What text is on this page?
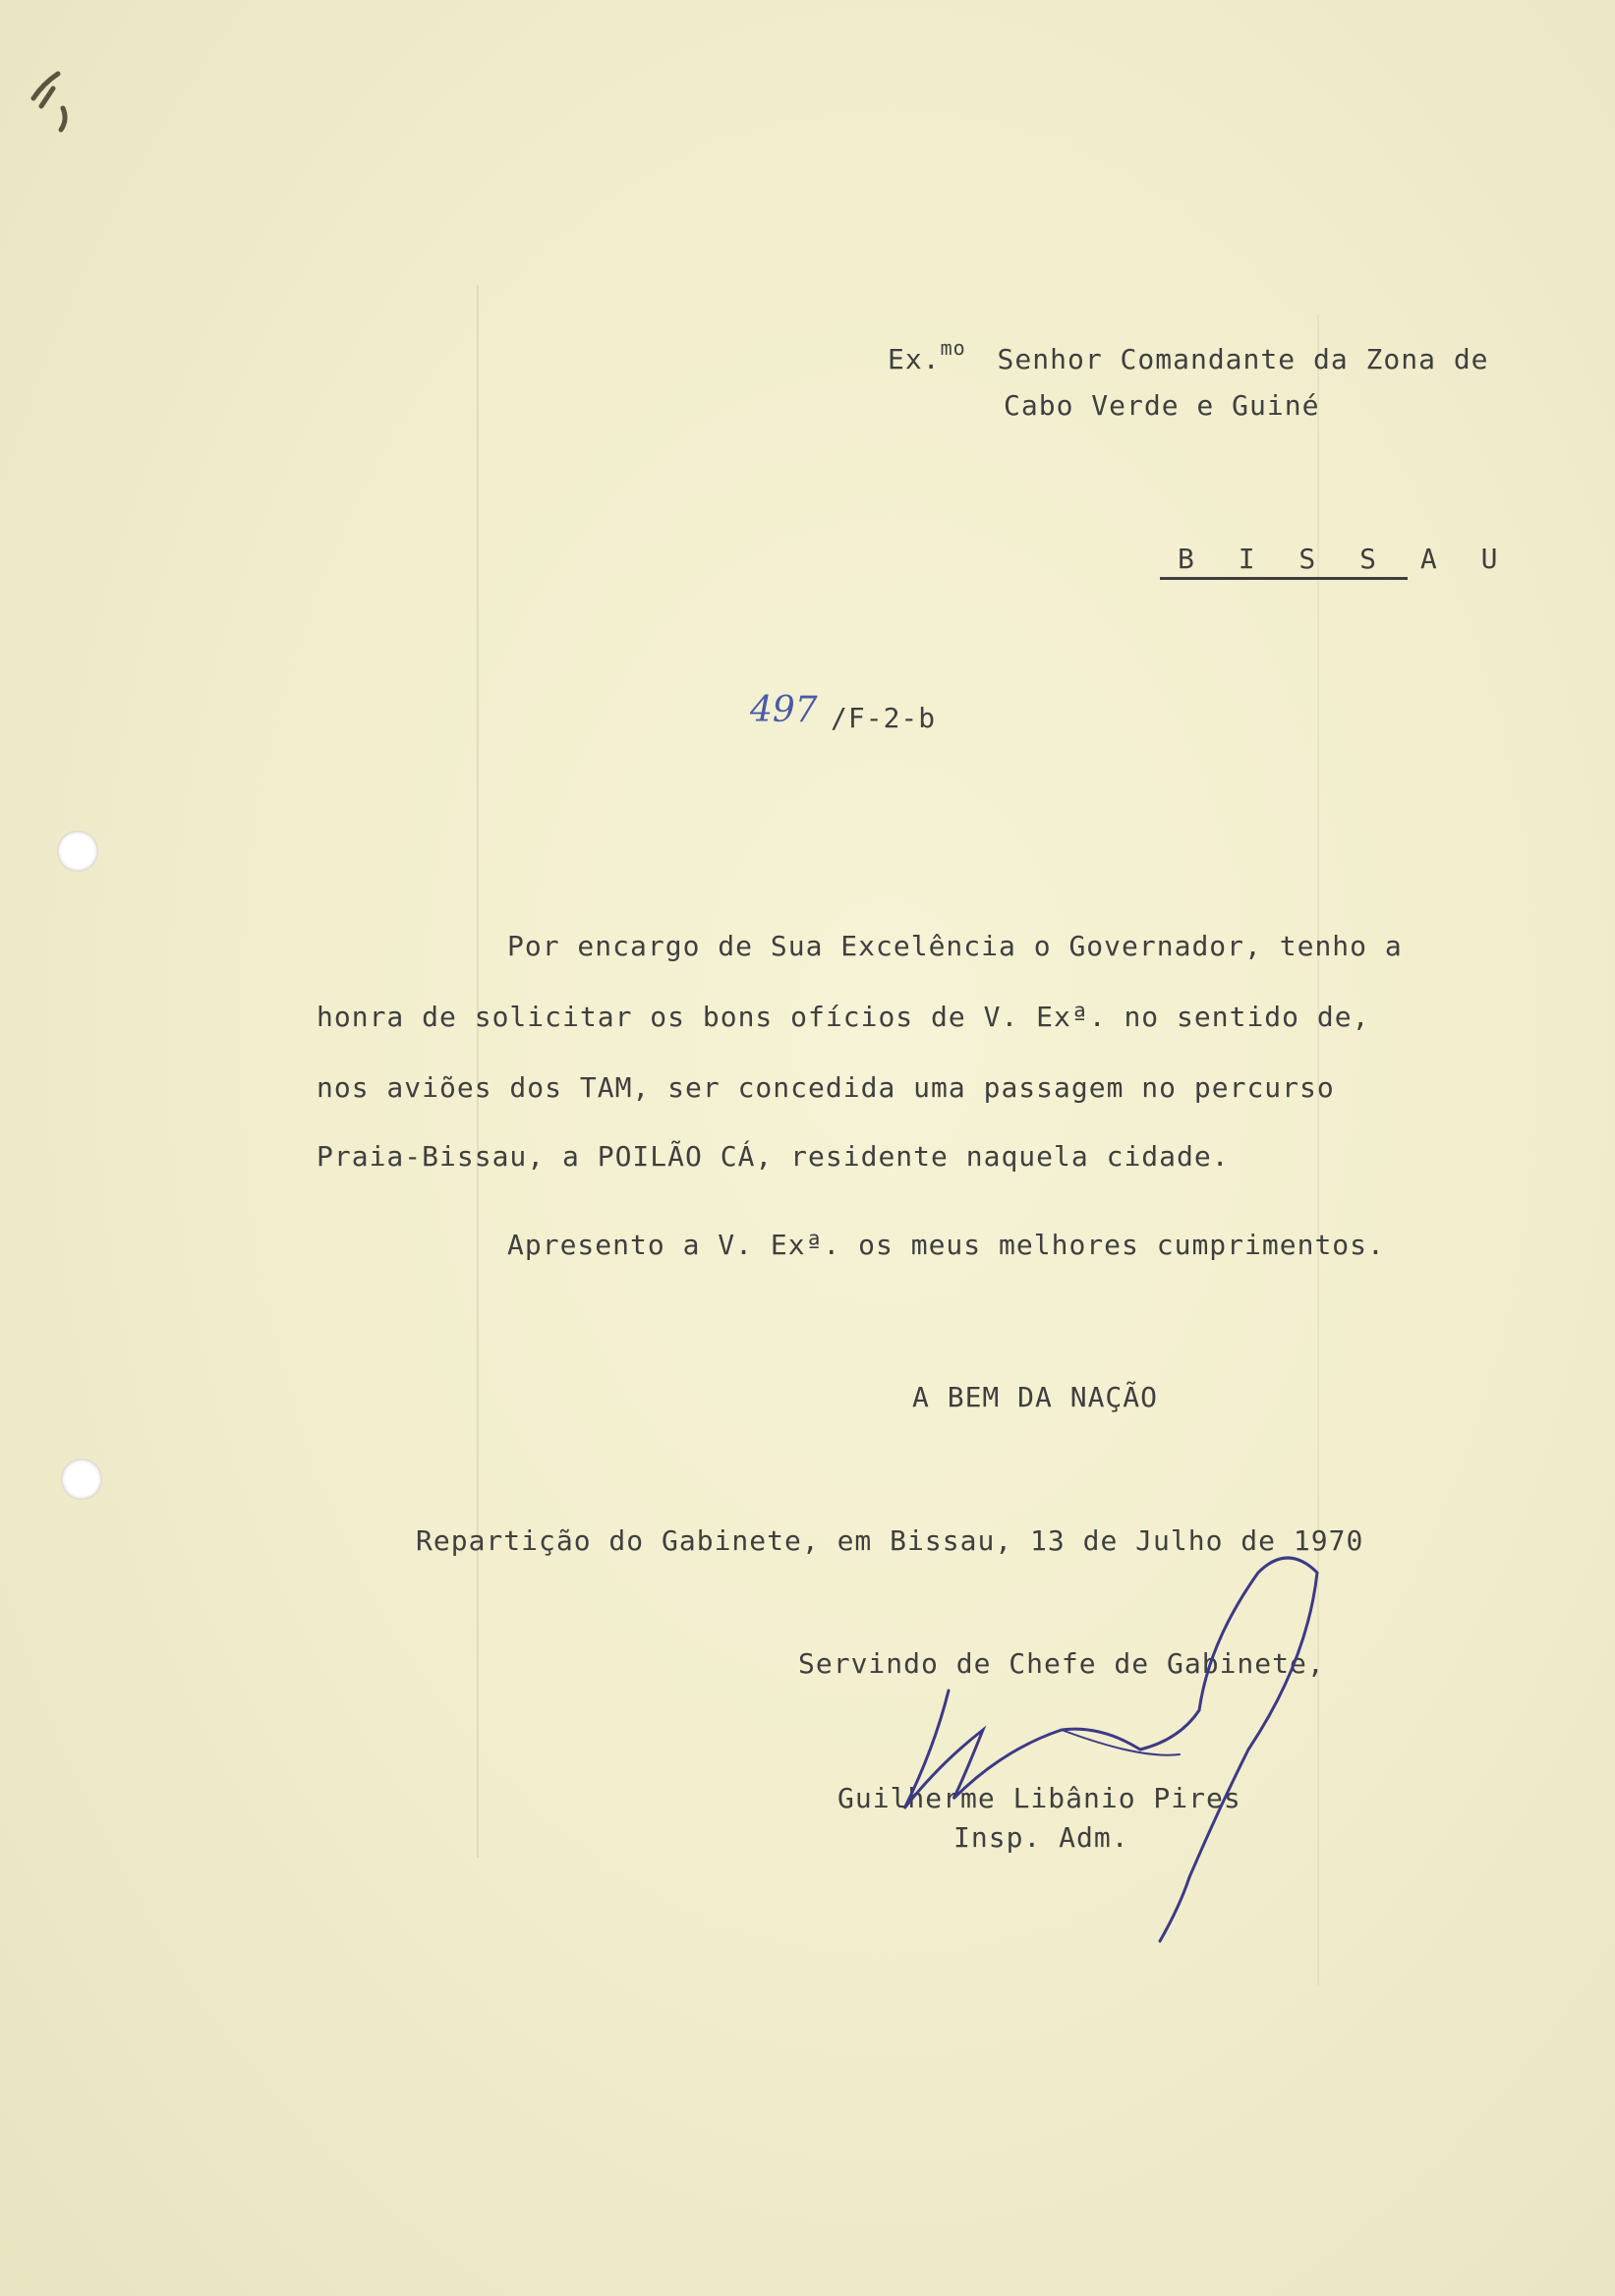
Ex.$^{mo}$ Senhor Comandante da Zona de
Cabo Verde e Guiné
B I S S A U
497 /F-2-b
Por encargo de Sua Excelência o Governador, tenho a
honra de solicitar os bons ofícios de V. Exª. no sentido de,
nos aviões dos TAM, ser concedida uma passagem no percurso
Praia-Bissau, a POILÃO CÁ, residente naquela cidade.
Apresento a V. Exª. os meus melhores cumprimentos.
A BEM DA NAÇÃO
Repartição do Gabinete, em Bissau, 13 de Julho de 1970
Servindo de Chefe de Gabinete,
Guilherme Libânio Pires
Insp. Adm.
